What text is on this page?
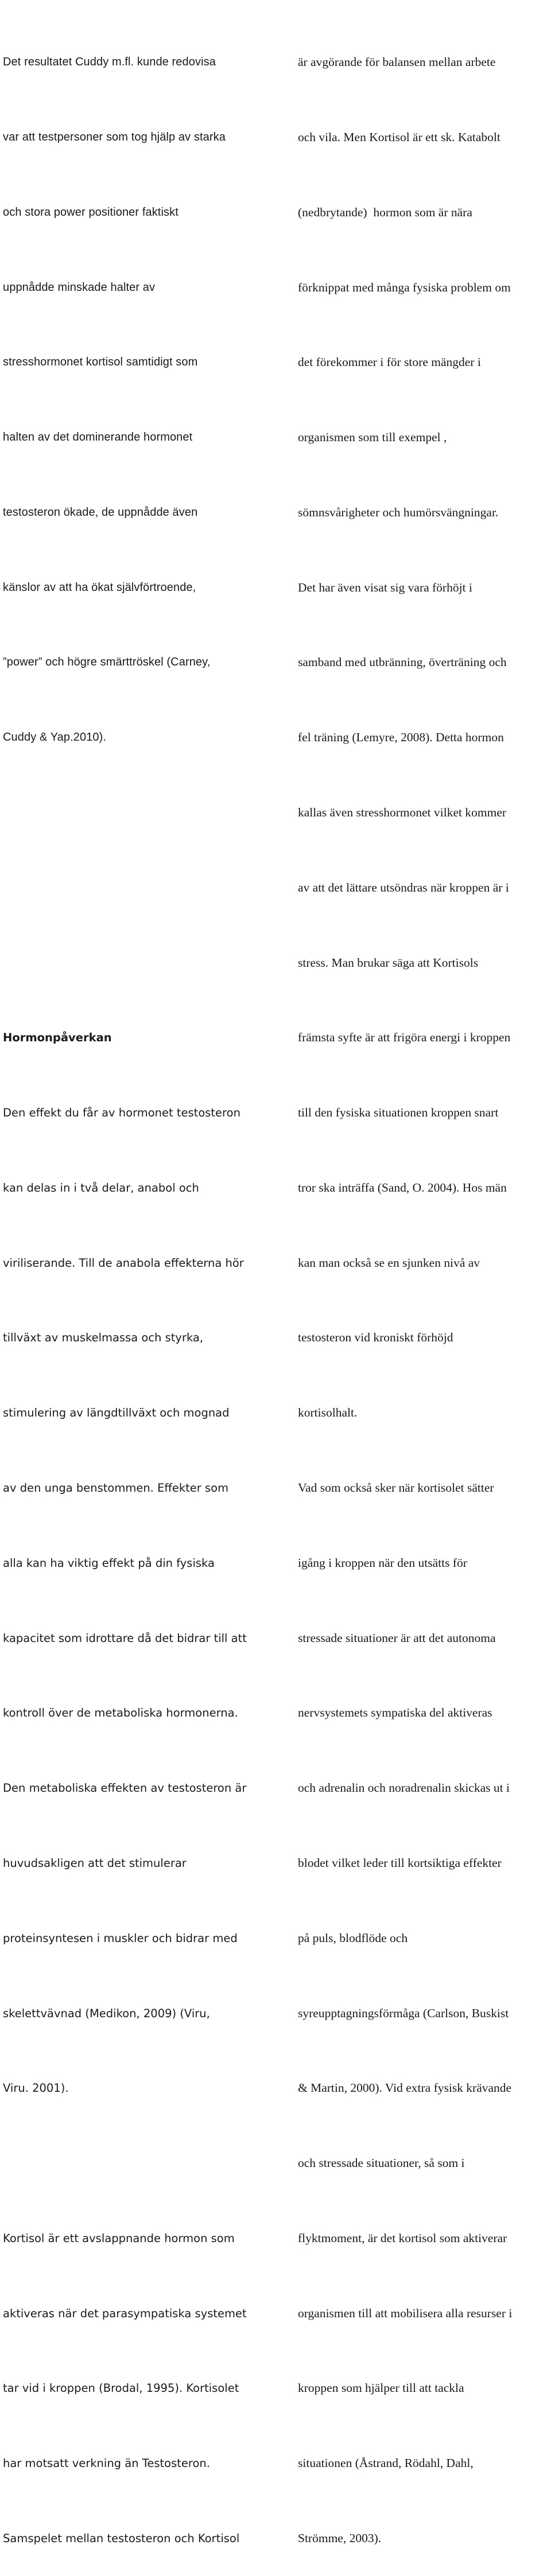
Det resultatet Cuddy m.fl. kunde redovisa

var att testpersoner som tog hjälp av starka

och stora power positioner faktiskt

uppnådde minskade halter av

stresshormonet kortisol samtidigt som

halten av det dominerande hormonet

testosteron ökade, de uppnådde även

känslor av att ha ökat självförtroende,

”power” och högre smärttröskel (Carney,

Cuddy & Yap.2010).

Hormonpåverkan

Den effekt du får av hormonet testosteron

kan delas in i två delar, anabol och

viriliserande. Till de anabola effekterna hör

tillväxt av muskelmassa och styrka,

stimulering av längdtillväxt och mognad

av den unga benstommen. Effekter som

alla kan ha viktig effekt på din fysiska

kapacitet som idrottare då det bidrar till att

kontroll över de metaboliska hormonerna.

Den metaboliska effekten av testosteron är

huvudsakligen att det stimulerar

proteinsyntesen i muskler och bidrar med

skelettvävnad (Medikon, 2009) (Viru,

Viru. 2001).

Kortisol är ett avslappnande hormon som

aktiveras när det parasympatiska systemet

tar vid i kroppen (Brodal, 1995). Kortisolet

har motsatt verkning än Testosteron.

Samspelet mellan testosteron och Kortisol

är avgörande för balansen mellan arbete

och vila. Men Kortisol är ett sk. Katabolt

(nedbrytande)  hormon som är nära

förknippat med många fysiska problem om

det förekommer i för store mängder i

organismen som till exempel ,

sömnsvårigheter och humörsvängningar.

Det har även visat sig vara förhöjt i

samband med utbränning, överträning och

fel träning (Lemyre, 2008). Detta hormon

kallas även stresshormonet vilket kommer

av att det lättare utsöndras när kroppen är i

stress. Man brukar säga att Kortisols

främsta syfte är att frigöra energi i kroppen

till den fysiska situationen kroppen snart

tror ska inträffa (Sand, O. 2004). Hos män

kan man också se en sjunken nivå av

testosteron vid kroniskt förhöjd

kortisolhalt.

Vad som också sker när kortisolet sätter

igång i kroppen när den utsätts för

stressade situationer är att det autonoma

nervsystemets sympatiska del aktiveras

och adrenalin och noradrenalin skickas ut i

blodet vilket leder till kortsiktiga effekter

på puls, blodflöde och

syreupptagningsförmåga (Carlson, Buskist

& Martin, 2000). Vid extra fysisk krävande

och stressade situationer, så som i

flyktmoment, är det kortisol som aktiverar

organismen till att mobilisera alla resurser i

kroppen som hjälper till att tackla

situationen (Åstrand, Rödahl, Dahl,

Strömme, 2003).
